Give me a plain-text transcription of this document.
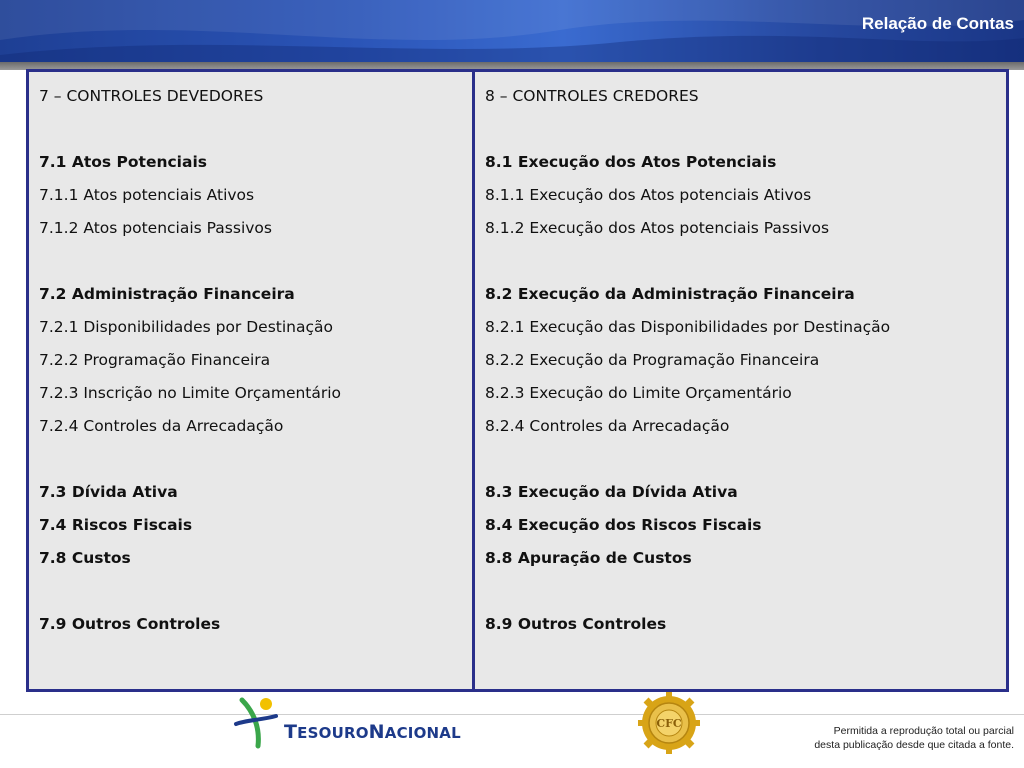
Relação de Contas
7 – CONTROLES DEVEDORES
7.1 Atos Potenciais
7.1.1 Atos potenciais Ativos
7.1.2 Atos potenciais Passivos
7.2 Administração Financeira
7.2.1 Disponibilidades por Destinação
7.2.2 Programação Financeira
7.2.3 Inscrição no Limite Orçamentário
7.2.4 Controles da Arrecadação
7.3 Dívida Ativa
7.4 Riscos Fiscais
7.8 Custos
7.9 Outros Controles
8 – CONTROLES CREDORES
8.1 Execução dos Atos Potenciais
8.1.1 Execução dos Atos potenciais Ativos
8.1.2 Execução dos Atos potenciais Passivos
8.2 Execução da Administração Financeira
8.2.1 Execução das Disponibilidades por Destinação
8.2.2 Execução da Programação Financeira
8.2.3 Execução do Limite Orçamentário
8.2.4 Controles da Arrecadação
8.3 Execução da Dívida Ativa
8.4 Execução dos Riscos Fiscais
8.8 Apuração de Custos
8.9 Outros Controles
TESOURONACIONAL
CFC
Permitida a reprodução total ou parcial
desta publicação desde que citada a fonte.
